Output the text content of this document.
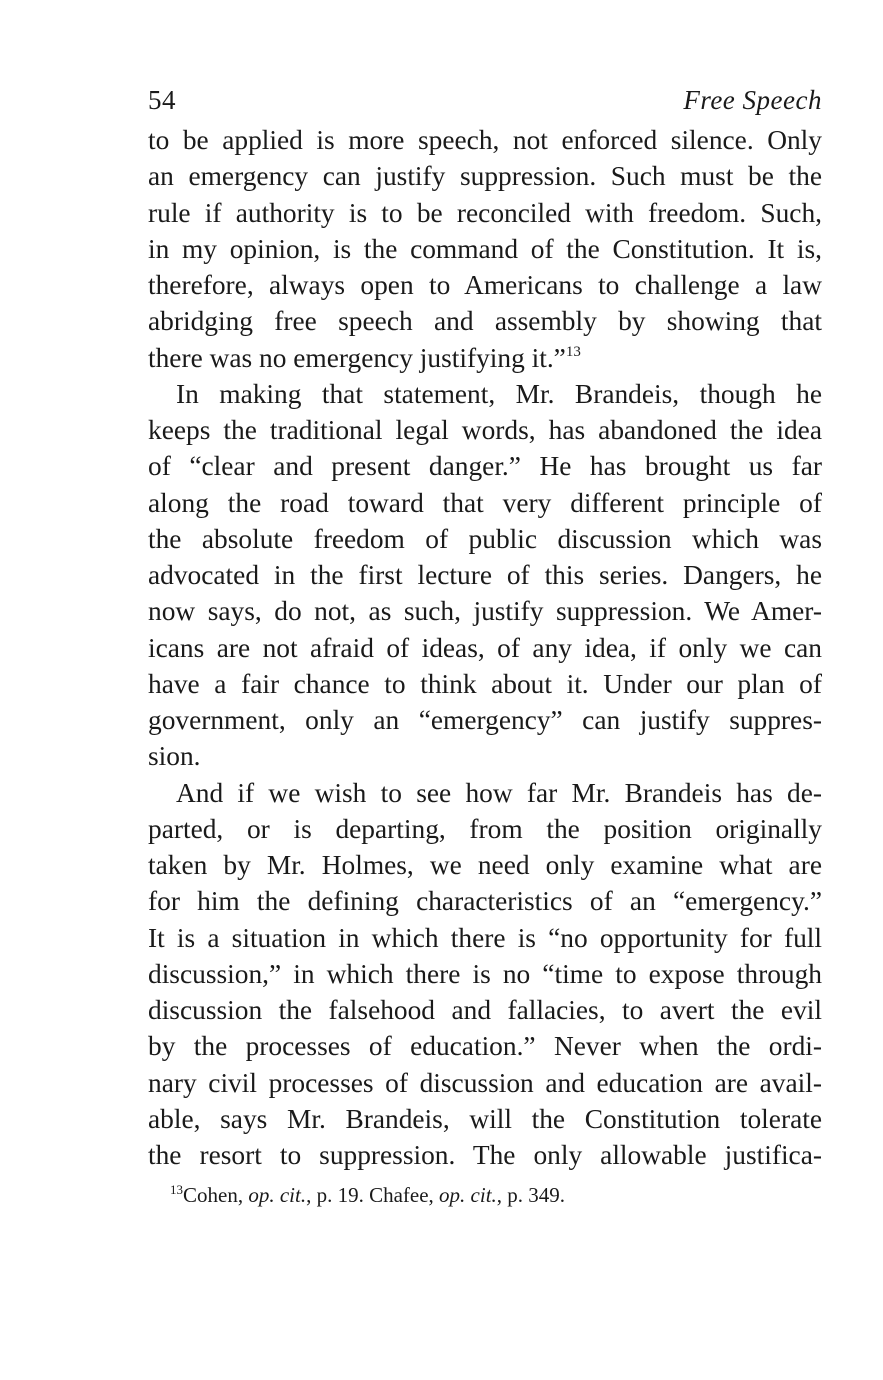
54	Free Speech
to be applied is more speech, not enforced silence. Only
an emergency can justify suppression. Such must be the
rule if authority is to be reconciled with freedom. Such,
in my opinion, is the command of the Constitution. It is,
therefore, always open to Americans to challenge a law
abridging free speech and assembly by showing that
there was no emergency justifying it.”$^{13}$
In making that statement, Mr. Brandeis, though he
keeps the traditional legal words, has abandoned the idea
of “clear and present danger.” He has brought us far
along the road toward that very different principle of
the absolute freedom of public discussion which was
advocated in the first lecture of this series. Dangers, he
now says, do not, as such, justify suppression. We Amer-
icans are not afraid of ideas, of any idea, if only we can
have a fair chance to think about it. Under our plan of
government, only an “emergency” can justify suppres-
sion.
And if we wish to see how far Mr. Brandeis has de-
parted, or is departing, from the position originally
taken by Mr. Holmes, we need only examine what are
for him the defining characteristics of an “emergency.”
It is a situation in which there is “no opportunity for full
discussion,” in which there is no “time to expose through
discussion the falsehood and fallacies, to avert the evil
by the processes of education.” Never when the ordi-
nary civil processes of discussion and education are avail-
able, says Mr. Brandeis, will the Constitution tolerate
the resort to suppression. The only allowable justifica-
$^{13}$Cohen, op. cit., p. 19. Chafee, op. cit., p. 349.
